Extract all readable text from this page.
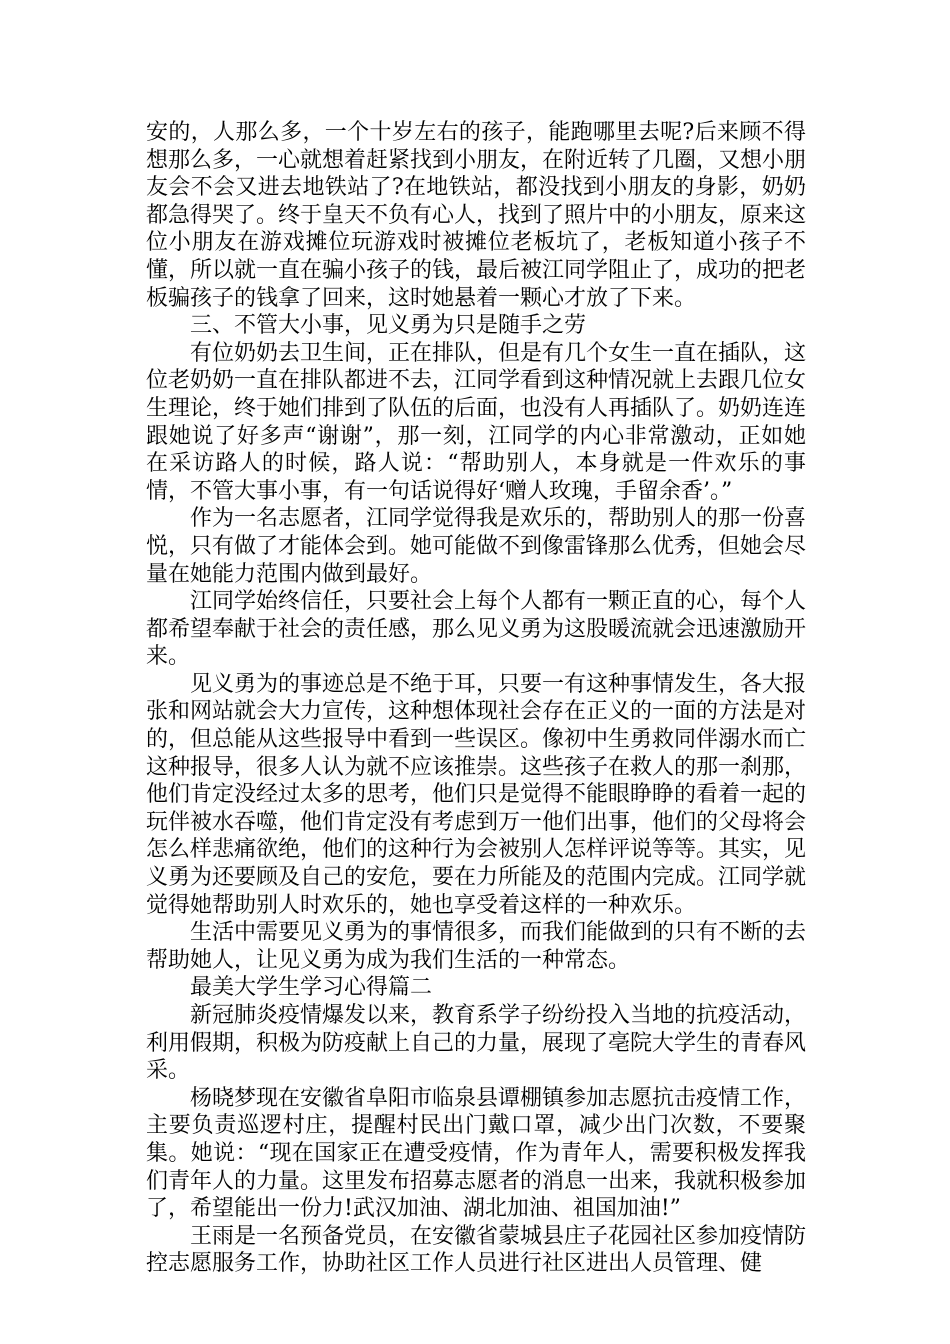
安的，人那么多，一个十岁左右的孩子，能跑哪里去呢?后来顾不得想那么多，一心就想着赶紧找到小朋友，在附近转了几圈，又想小朋友会不会又进去地铁站了?在地铁站，都没找到小朋友的身影，奶奶都急得哭了。终于皇天不负有心人，找到了照片中的小朋友，原来这位小朋友在游戏摊位玩游戏时被摊位老板坑了，老板知道小孩子不懂，所以就一直在骗小孩子的钱，最后被江同学阻止了，成功的把老板骗孩子的钱拿了回来，这时她悬着一颗心才放了下来。

三、不管大小事，见义勇为只是随手之劳

有位奶奶去卫生间，正在排队，但是有几个女生一直在插队，这位老奶奶一直在排队都进不去，江同学看到这种情况就上去跟几位女生理论，终于她们排到了队伍的后面，也没有人再插队了。奶奶连连跟她说了好多声“谢谢”，那一刻，江同学的内心非常激动，正如她在采访路人的时候，路人说：“帮助别人，本身就是一件欢乐的事情，不管大事小事，有一句话说得好‘赠人玫瑰，手留余香’。”

作为一名志愿者，江同学觉得我是欢乐的，帮助别人的那一份喜悦，只有做了才能体会到。她可能做不到像雷锋那么优秀，但她会尽量在她能力范围内做到最好。

江同学始终信任，只要社会上每个人都有一颗正直的心，每个人都希望奉献于社会的责任感，那么见义勇为这股暖流就会迅速激励开来。

见义勇为的事迹总是不绝于耳，只要一有这种事情发生，各大报张和网站就会大力宣传，这种想体现社会存在正义的一面的方法是对的，但总能从这些报导中看到一些误区。像初中生勇救同伴溺水而亡这种报导，很多人认为就不应该推崇。这些孩子在救人的那一刹那，他们肯定没经过太多的思考，他们只是觉得不能眼睁睁的看着一起的玩伴被水吞噬，他们肯定没有考虑到万一他们出事，他们的父母将会怎么样悲痛欲绝，他们的这种行为会被别人怎样评说等等。其实，见义勇为还要顾及自己的安危，要在力所能及的范围内完成。江同学就觉得她帮助别人时欢乐的，她也享受着这样的一种欢乐。

生活中需要见义勇为的事情很多，而我们能做到的只有不断的去帮助她人，让见义勇为成为我们生活的一种常态。

最美大学生学习心得篇二

新冠肺炎疫情爆发以来，教育系学子纷纷投入当地的抗疫活动，利用假期，积极为防疫献上自己的力量，展现了亳院大学生的青春风采。

杨晓梦现在安徽省阜阳市临泉县谭棚镇参加志愿抗击疫情工作，主要负责巡逻村庄，提醒村民出门戴口罩，减少出门次数，不要聚集。她说：“现在国家正在遭受疫情，作为青年人，需要积极发挥我们青年人的力量。这里发布招募志愿者的消息一出来，我就积极参加了，希望能出一份力!武汉加油、湖北加油、祖国加油!”

王雨是一名预备党员，在安徽省蒙城县庄子花园社区参加疫情防控志愿服务工作，协助社区工作人员进行社区进出人员管理、健
